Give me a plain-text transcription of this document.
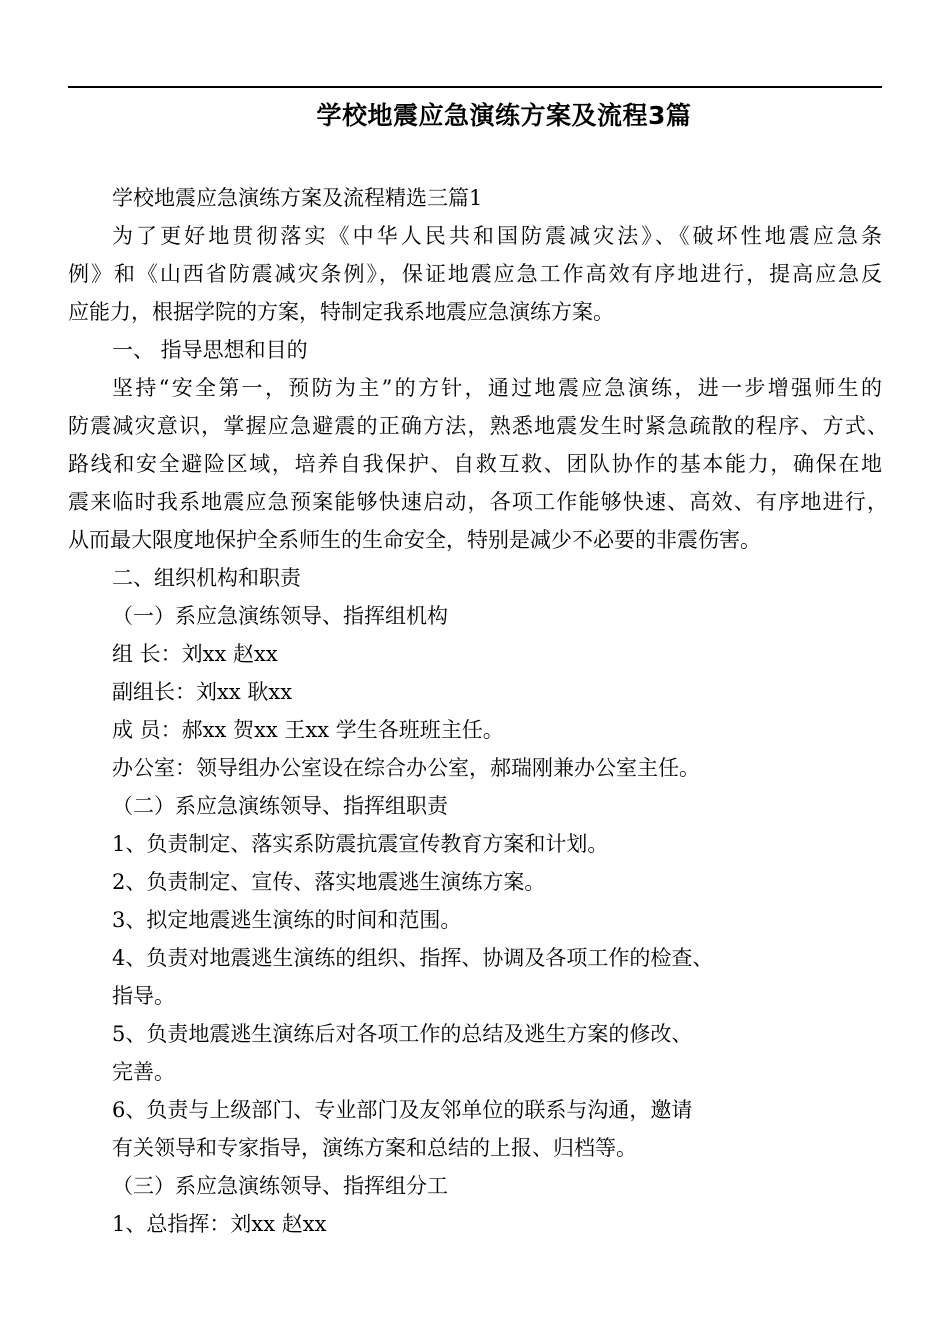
学校地震应急演练方案及流程3篇
学校地震应急演练方案及流程精选三篇1
为了更好地贯彻落实《中华人民共和国防震减灾法》、《破坏性地震应急条
例》和《山西省防震减灾条例》，保证地震应急工作高效有序地进行，提高应急反
应能力，根据学院的方案，特制定我系地震应急演练方案。
一、 指导思想和目的
坚持“安全第一，预防为主”的方针，通过地震应急演练，进一步增强师生的
防震减灾意识，掌握应急避震的正确方法，熟悉地震发生时紧急疏散的程序、方式、
路线和安全避险区域，培养自我保护、自救互救、团队协作的基本能力，确保在地
震来临时我系地震应急预案能够快速启动，各项工作能够快速、高效、有序地进行，
从而最大限度地保护全系师生的生命安全，特别是减少不必要的非震伤害。
二、组织机构和职责
（一）系应急演练领导、指挥组机构
组 长：刘xx 赵xx
副组长：刘xx 耿xx
成 员：郝xx 贺xx 王xx 学生各班班主任。
办公室：领导组办公室设在综合办公室，郝瑞刚兼办公室主任。
（二）系应急演练领导、指挥组职责
1、负责制定、落实系防震抗震宣传教育方案和计划。
2、负责制定、宣传、落实地震逃生演练方案。
3、拟定地震逃生演练的时间和范围。
4、负责对地震逃生演练的组织、指挥、协调及各项工作的检查、
指导。
5、负责地震逃生演练后对各项工作的总结及逃生方案的修改、
完善。
6、负责与上级部门、专业部门及友邻单位的联系与沟通，邀请
有关领导和专家指导，演练方案和总结的上报、归档等。
（三）系应急演练领导、指挥组分工
1、总指挥：刘xx 赵xx
